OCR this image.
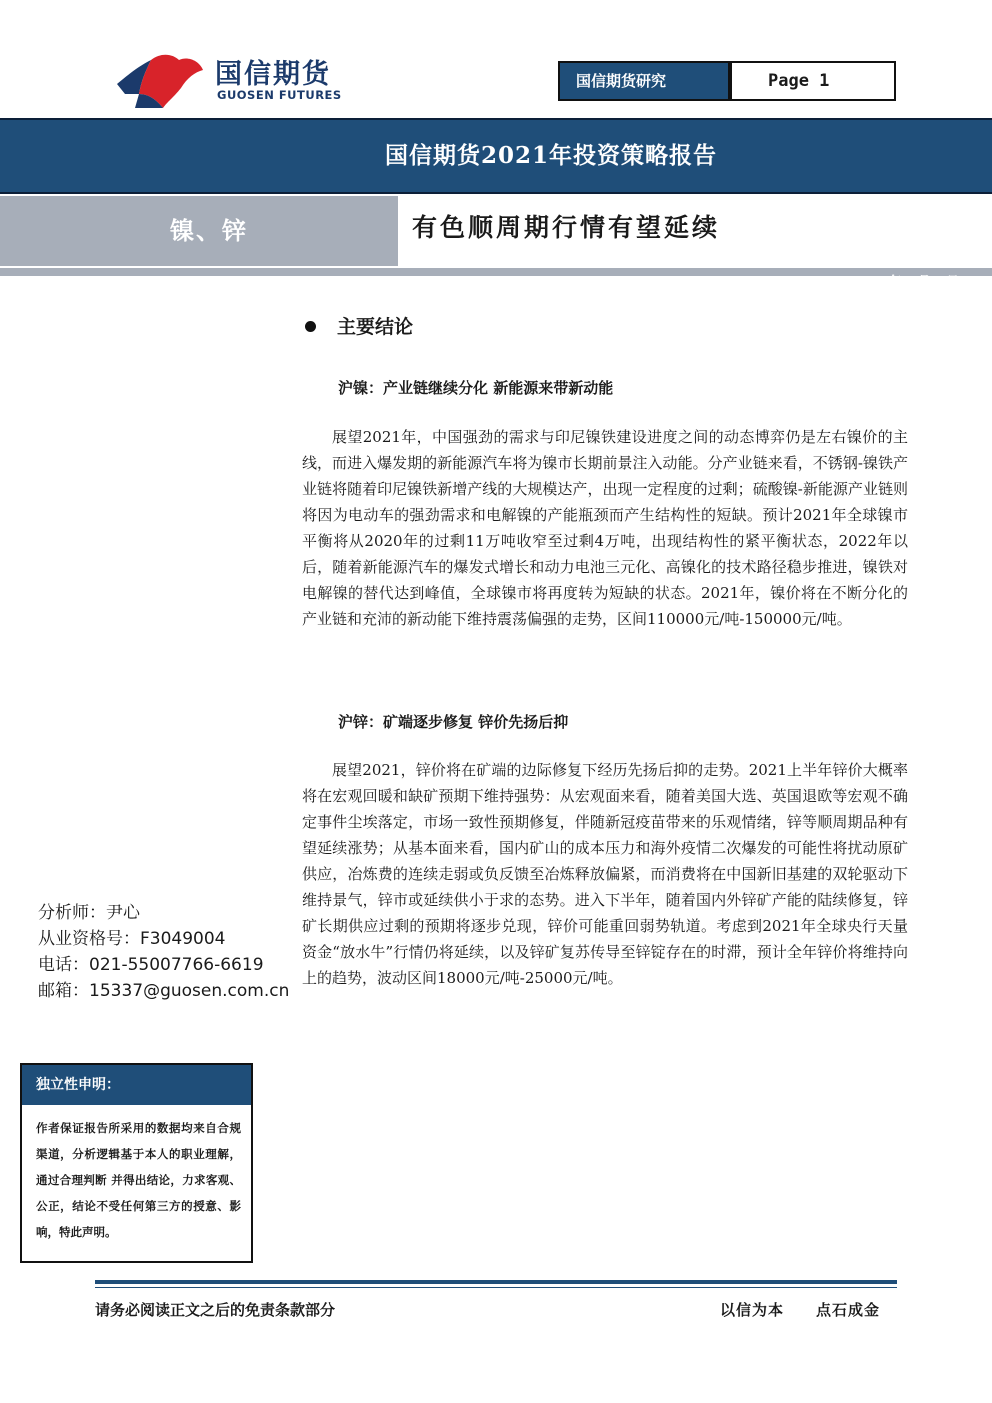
国信期货
GUOSEN FUTURES
国信期货研究	Page 1
国信期货2021年投资策略报告
镍、锌	有色顺周期行情有望延续
2020年12月27日
主要结论
沪镍：产业链继续分化 新能源来带新动能

展望2021年，中国强劲的需求与印尼镍铁建设进度之间的动态博弈仍是左右镍价的主线，而进入爆发期的新能源汽车将为镍市长期前景注入动能。分产业链来看，不锈钢-镍铁产业链将随着印尼镍铁新增产线的大规模达产，出现一定程度的过剩；硫酸镍-新能源产业链则将因为电动车的强劲需求和电解镍的产能瓶颈而产生结构性的短缺。预计2021年全球镍市平衡将从2020年的过剩11万吨收窄至过剩4万吨，出现结构性的紧平衡状态，2022年以后，随着新能源汽车的爆发式增长和动力电池三元化、高镍化的技术路径稳步推进，镍铁对电解镍的替代达到峰值，全球镍市将再度转为短缺的状态。2021年，镍价将在不断分化的产业链和充沛的新动能下维持震荡偏强的走势，区间110000元/吨-150000元/吨。

沪锌：矿端逐步修复 锌价先扬后抑

展望2021，锌价将在矿端的边际修复下经历先扬后抑的走势。2021上半年锌价大概率将在宏观回暖和缺矿预期下维持强势：从宏观面来看，随着美国大选、英国退欧等宏观不确定事件尘埃落定，市场一致性预期修复，伴随新冠疫苗带来的乐观情绪，锌等顺周期品种有望延续涨势；从基本面来看，国内矿山的成本压力和海外疫情二次爆发的可能性将扰动原矿供应，冶炼费的连续走弱或负反馈至冶炼释放偏紧，而消费将在中国新旧基建的双轮驱动下维持景气，锌市或延续供小于求的态势。进入下半年，随着国内外锌矿产能的陆续修复，锌矿长期供应过剩的预期将逐步兑现，锌价可能重回弱势轨道。考虑到2021年全球央行天量资金“放水牛”行情仍将延续，以及锌矿复苏传导至锌锭存在的时滞，预计全年锌价将维持向上的趋势，波动区间18000元/吨-25000元/吨。

分析师：尹心
从业资格号：F3049004
电话：021-55007766-6619
邮箱：15337@guosen.com.cn
独立性申明：
作者保证报告所采用的数据均来自合规渠道，分析逻辑基于本人的职业理解，通过合理判断 并得出结论，力求客观、公正，结论不受任何第三方的授意、影响，特此声明。
请务必阅读正文之后的免责条款部分	以信为本　　点石成金
